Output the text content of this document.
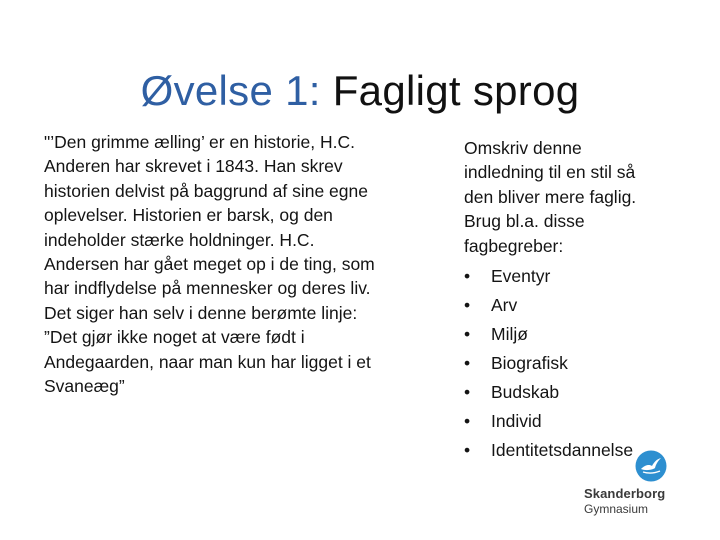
Øvelse 1: Fagligt sprog
"’Den grimme ælling’ er en historie, H.C.
Anderen har skrevet i 1843. Han skrev
historien delvist på baggrund af sine egne
oplevelser. Historien er barsk, og den
indeholder stærke holdninger. H.C.
Andersen har gået meget op i de ting, som
har indflydelse på mennesker og deres liv.
Det siger han selv i denne berømte linje:
”Det gjør ikke noget at være født i
Andegaarden, naar man kun har ligget i et
Svaneæg”
Omskriv denne
indledning til en stil så
den bliver mere faglig.
Brug bl.a. disse
fagbegreber:
• Eventyr
• Arv
• Miljø
• Biografisk
• Budskab
• Individ
• Identitetsdannelse
Skanderborg
Gymnasium
